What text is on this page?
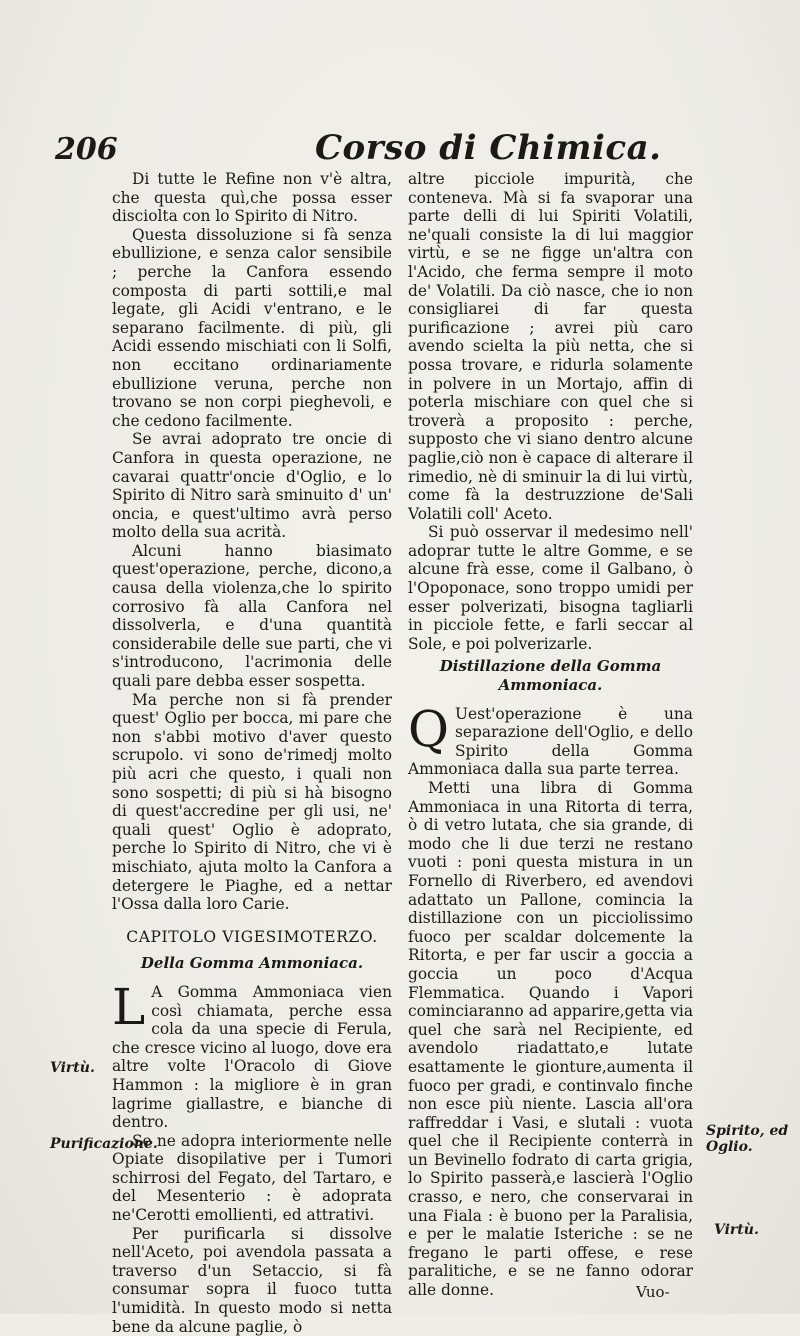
206	Corso di Chimica.

Di tutte le Refine non v'è altra, che questa quì,che possa esser disciolta con lo Spirito di Nitro.

Questa dissoluzione si fà senza ebullizione, e senza calor sensibile ; perche la Canfora essendo composta di parti sottili,e mal legate, gli Acidi v'entrano, e le separano facilmente. di più, gli Acidi essendo mischiati con li Solfi, non eccitano ordinariamente ebullizione veruna, perche non trovano se non corpi pieghevoli, e che cedono facilmente.

Se avrai adoprato tre oncie di Canfora in questa operazione, ne cavarai quattr'oncie d'Oglio, e lo Spirito di Nitro sarà sminuito d' un' oncia, e quest'ultimo avrà perso molto della sua acrità.

Alcuni hanno biasimato quest'operazione, perche, dicono,a causa della violenza,che lo spirito corrosivo fà alla Canfora nel dissolverla, e d'una quantità considerabile delle sue parti, che vi s'introducono, l'acrimonia delle quali pare debba esser sospetta.

Ma perche non si fà prender quest' Oglio per bocca, mi pare che non s'abbi motivo d'aver questo scrupolo. vi sono de'rimedj molto più acri che questo, i quali non sono sospetti; di più si hà bisogno di quest'accredine per gli usi, ne' quali quest' Oglio è adoprato, perche lo Spirito di Nitro, che vi è mischiato, ajuta molto la Canfora a detergere le Piaghe, ed a nettar l'Ossa dalla loro Carie.

CAPITOLO VIGESIMOTERZO.
Della Gomma Ammoniaca.

L A Gomma Ammoniaca vien così chiamata, perche essa cola da una specie di Ferula, che cresce vicino al luogo, dove era altre volte l'Oracolo di Giove Hammon : la migliore è in gran lagrime giallastre, e bianche di dentro.

Se ne adopra interiormente nelle Opiate disopilative per i Tumori schirrosi del Fegato, del Tartaro, e del Mesenterio : è adoprata ne'Cerotti emollienti, ed attrativi.

Per purificarla si dissolve nell'Aceto, poi avendola passata a traverso d'un Setaccio, si fà consumar sopra il fuoco tutta l'umidità. In questo modo si netta bene da alcune paglie, ò

altre picciole impurità, che conteneva. Mà si fa svaporar una parte delli di lui Spiriti Volatili, ne'quali consiste la di lui maggior virtù, e se ne figge un'altra con l'Acido, che ferma sempre il moto de' Volatili. Da ciò nasce, che io non consigliarei di far questa purificazione ; avrei più caro avendo scielta la più netta, che si possa trovare, e ridurla solamente in polvere in un Mortajo, affin di poterla mischiare con quel che si troverà a proposito : perche, supposto che vi siano dentro alcune paglie,ciò non è capace di alterare il rimedio, nè di sminuir la di lui virtù, come fà la destruzzione de'Sali Volatili coll' Aceto.

Si può osservar il medesimo nell' adoprar tutte le altre Gomme, e se alcune frà esse, come il Galbano, ò l'Opoponace, sono troppo umidi per esser polverizati, bisogna tagliarli in picciole fette, e farli seccar al Sole, e poi polverizarle.

Distillazione della Gomma Ammoniaca.

Q Uest'operazione è una separazione dell'Oglio, e dello Spirito della Gomma Ammoniaca dalla sua parte terrea.

Metti una libra di Gomma Ammoniaca in una Ritorta di terra, ò di vetro lutata, che sia grande, di modo che li due terzi ne restano vuoti : poni questa mistura in un Fornello di Riverbero, ed avendovi adattato un Pallone, comincia la distillazione con un picciolissimo fuoco per scaldar dolcemente la Ritorta, e per far uscir a goccia a goccia un poco d'Acqua Flemmatica. Quando i Vapori cominciaranno ad apparire,getta via quel che sarà nel Recipiente, ed avendolo riadattato,e lutate esattamente le gionture,aumenta il fuoco per gradi, e continvalo finche non esce più niente. Lascia all'ora raffreddar i Vasi, e slutali : vuota quel che il Recipiente conterrà in un Bevinello fodrato di carta grigia, lo Spirito passerà,e lascierà l'Oglio crasso, e nero, che conservarai in una Fiala : è buono per la Paralisia, e per le malatie Isteriche : se ne fregano le parti offese, e rese paralitiche, e se ne fanno odorar alle donne.

Virtù.
Purificazione.
Spirito, ed Oglio.
Virtù.
Vuo-
